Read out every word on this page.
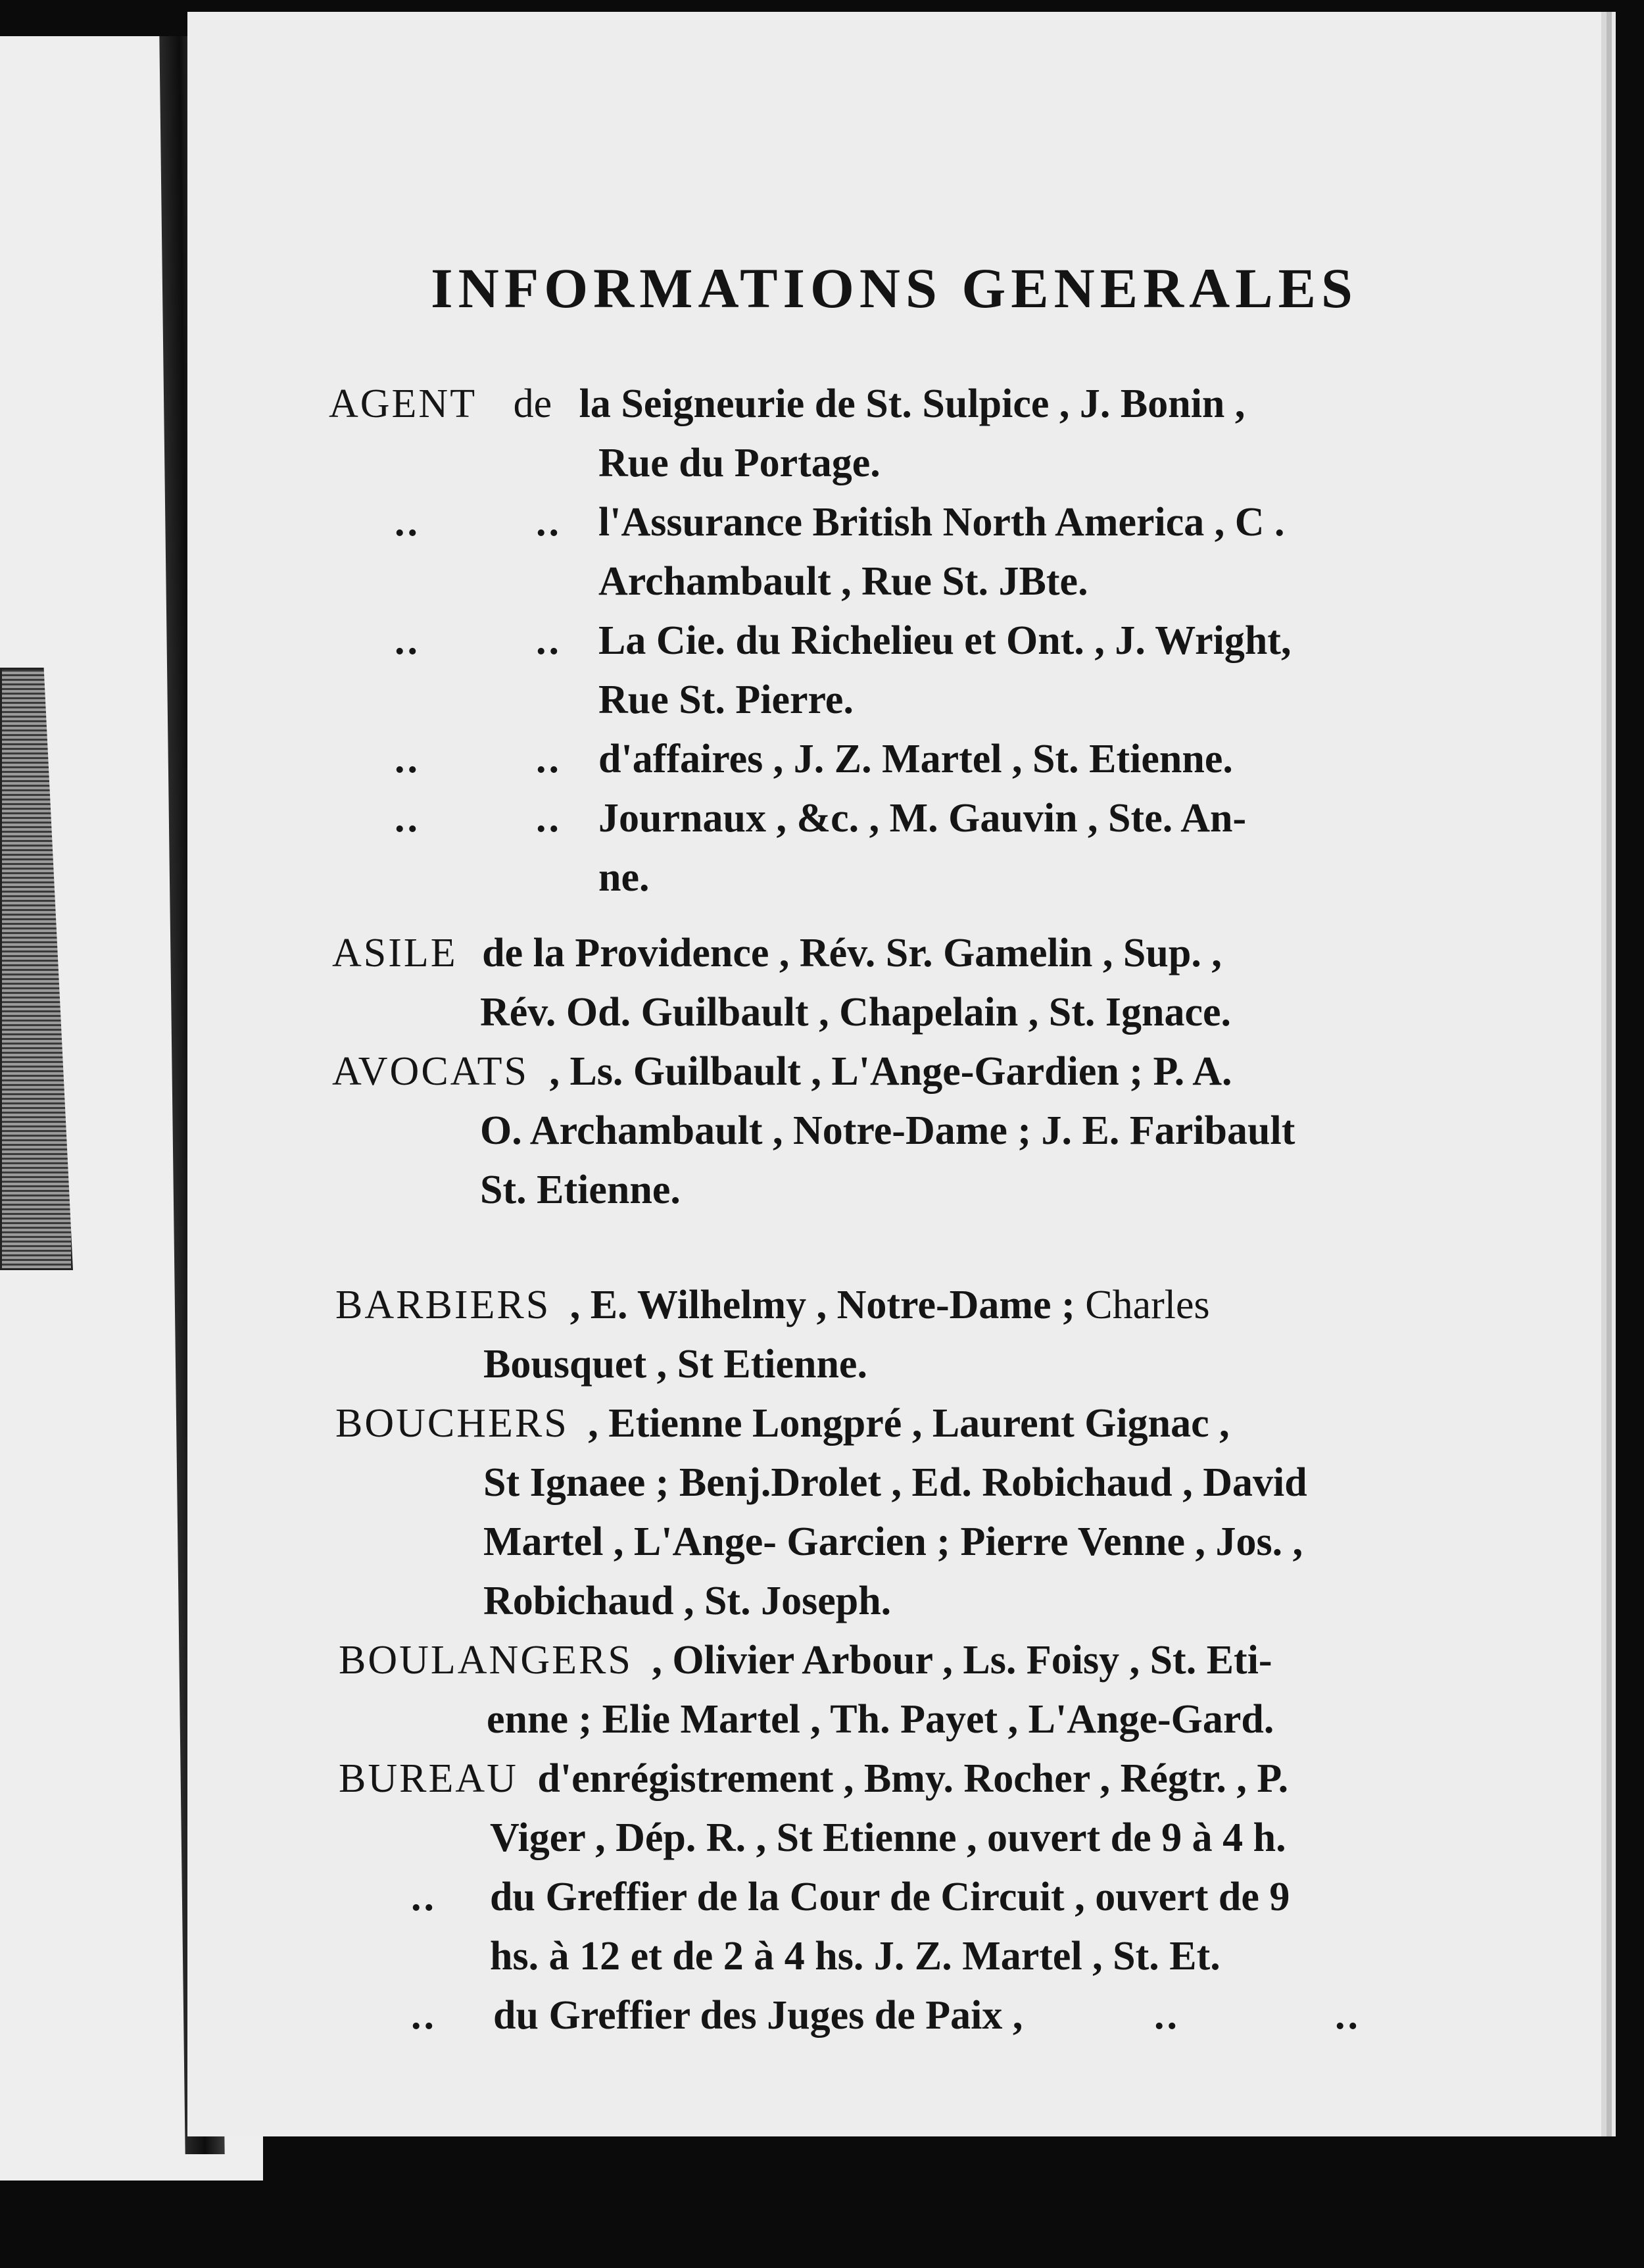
INFORMATIONS GENERALES
AGENT de la Seigneurie de St. Sulpice , J. Bonin ,
Rue du Portage.
..	.. l'Assurance British North America , C .
Archambault , Rue St. JBte.
..	.. La Cie. du Richelieu et Ont. , J. Wright,
Rue St. Pierre.
..	.. d'affaires , J. Z. Martel , St. Etienne.
..	.. Journaux , &c. , M. Gauvin , Ste. An-
ne.
ASILE de la Providence , Rév. Sr. Gamelin , Sup. ,
Rév. Od. Guilbault , Chapelain , St. Ignace.
AVOCATS , Ls. Guilbault , L'Ange-Gardien ; P. A.
O. Archambault , Notre-Dame ; J. E. Faribault
St. Etienne.
BARBIERS , E. Wilhelmy , Notre-Dame ; Charles
Bousquet , St Etienne.
BOUCHERS , Etienne Longpré , Laurent Gignac ,
St Ignaee ; Benj.Drolet , Ed. Robichaud , David
Martel , L'Ange- Garcien ; Pierre Venne , Jos. ,
Robichaud , St. Joseph.
BOULANGERS , Olivier Arbour , Ls. Foisy , St. Eti-
enne ; Elie Martel , Th. Payet , L'Ange-Gard.
BUREAU d'enrégistrement , Bmy. Rocher , Régtr. , P.
Viger , Dép. R. , St Etienne , ouvert de 9 à 4 h.
.. du Greffier de la Cour de Circuit , ouvert de 9
hs. à 12 et de 2 à 4 hs. J. Z. Martel , St. Et.
.. du Greffier des Juges de Paix ,	..	..
